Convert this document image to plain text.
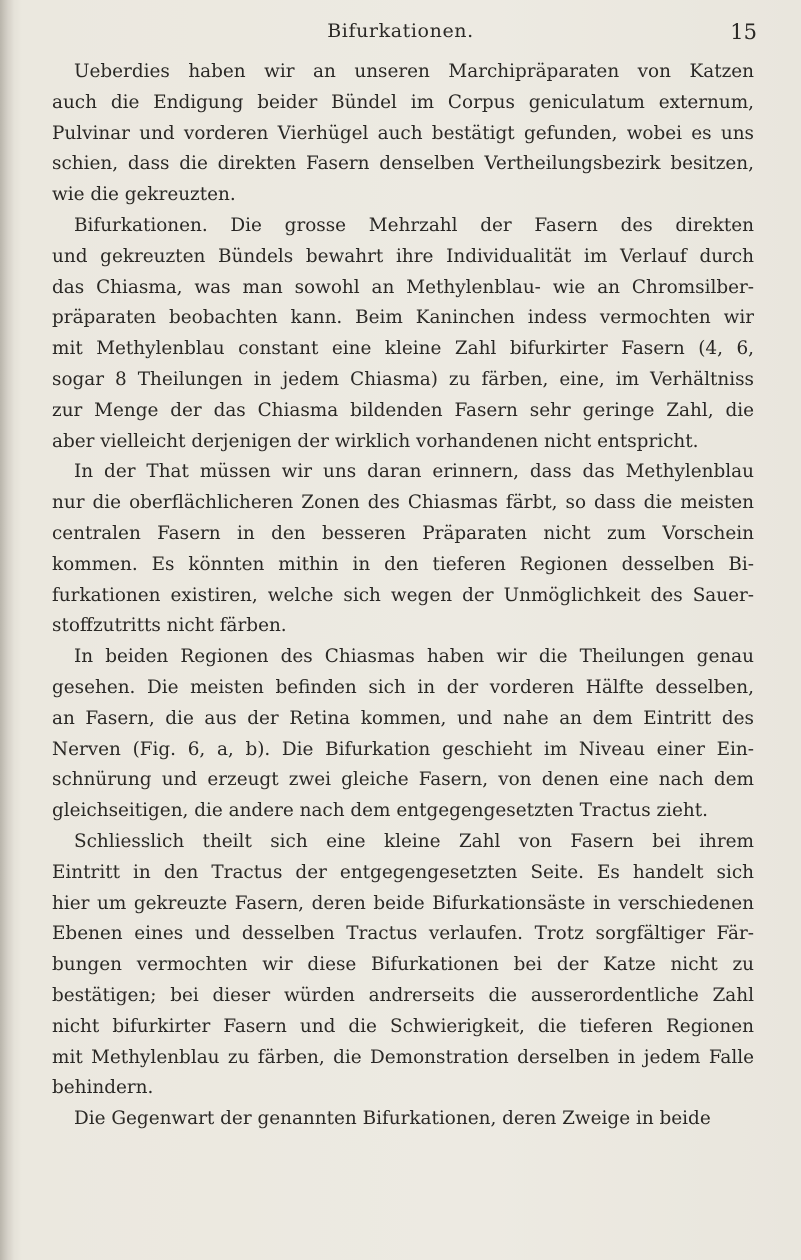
Bifurkationen.	15
Ueberdies haben wir an unseren Marchipräparaten von Katzen
auch die Endigung beider Bündel im Corpus geniculatum externum,
Pulvinar und vorderen Vierhügel auch bestätigt gefunden, wobei es uns
schien, dass die direkten Fasern denselben Vertheilungsbezirk besitzen,
wie die gekreuzten.
Bifurkationen. Die grosse Mehrzahl der Fasern des direkten
und gekreuzten Bündels bewahrt ihre Individualität im Verlauf durch
das Chiasma, was man sowohl an Methylenblau- wie an Chromsilber-
präparaten beobachten kann. Beim Kaninchen indess vermochten wir
mit Methylenblau constant eine kleine Zahl bifurkirter Fasern (4, 6,
sogar 8 Theilungen in jedem Chiasma) zu färben, eine, im Verhältniss
zur Menge der das Chiasma bildenden Fasern sehr geringe Zahl, die
aber vielleicht derjenigen der wirklich vorhandenen nicht entspricht.
In der That müssen wir uns daran erinnern, dass das Methylenblau
nur die oberflächlicheren Zonen des Chiasmas färbt, so dass die meisten
centralen Fasern in den besseren Präparaten nicht zum Vorschein
kommen. Es könnten mithin in den tieferen Regionen desselben Bi-
furkationen existiren, welche sich wegen der Unmöglichkeit des Sauer-
stoffzutritts nicht färben.
In beiden Regionen des Chiasmas haben wir die Theilungen genau
gesehen. Die meisten befinden sich in der vorderen Hälfte desselben,
an Fasern, die aus der Retina kommen, und nahe an dem Eintritt des
Nerven (Fig. 6, a, b). Die Bifurkation geschieht im Niveau einer Ein-
schnürung und erzeugt zwei gleiche Fasern, von denen eine nach dem
gleichseitigen, die andere nach dem entgegengesetzten Tractus zieht.
Schliesslich theilt sich eine kleine Zahl von Fasern bei ihrem
Eintritt in den Tractus der entgegengesetzten Seite. Es handelt sich
hier um gekreuzte Fasern, deren beide Bifurkationsäste in verschiedenen
Ebenen eines und desselben Tractus verlaufen. Trotz sorgfältiger Fär-
bungen vermochten wir diese Bifurkationen bei der Katze nicht zu
bestätigen; bei dieser würden andrerseits die ausserordentliche Zahl
nicht bifurkirter Fasern und die Schwierigkeit, die tieferen Regionen
mit Methylenblau zu färben, die Demonstration derselben in jedem Falle
behindern.
Die Gegenwart der genannten Bifurkationen, deren Zweige in beide
